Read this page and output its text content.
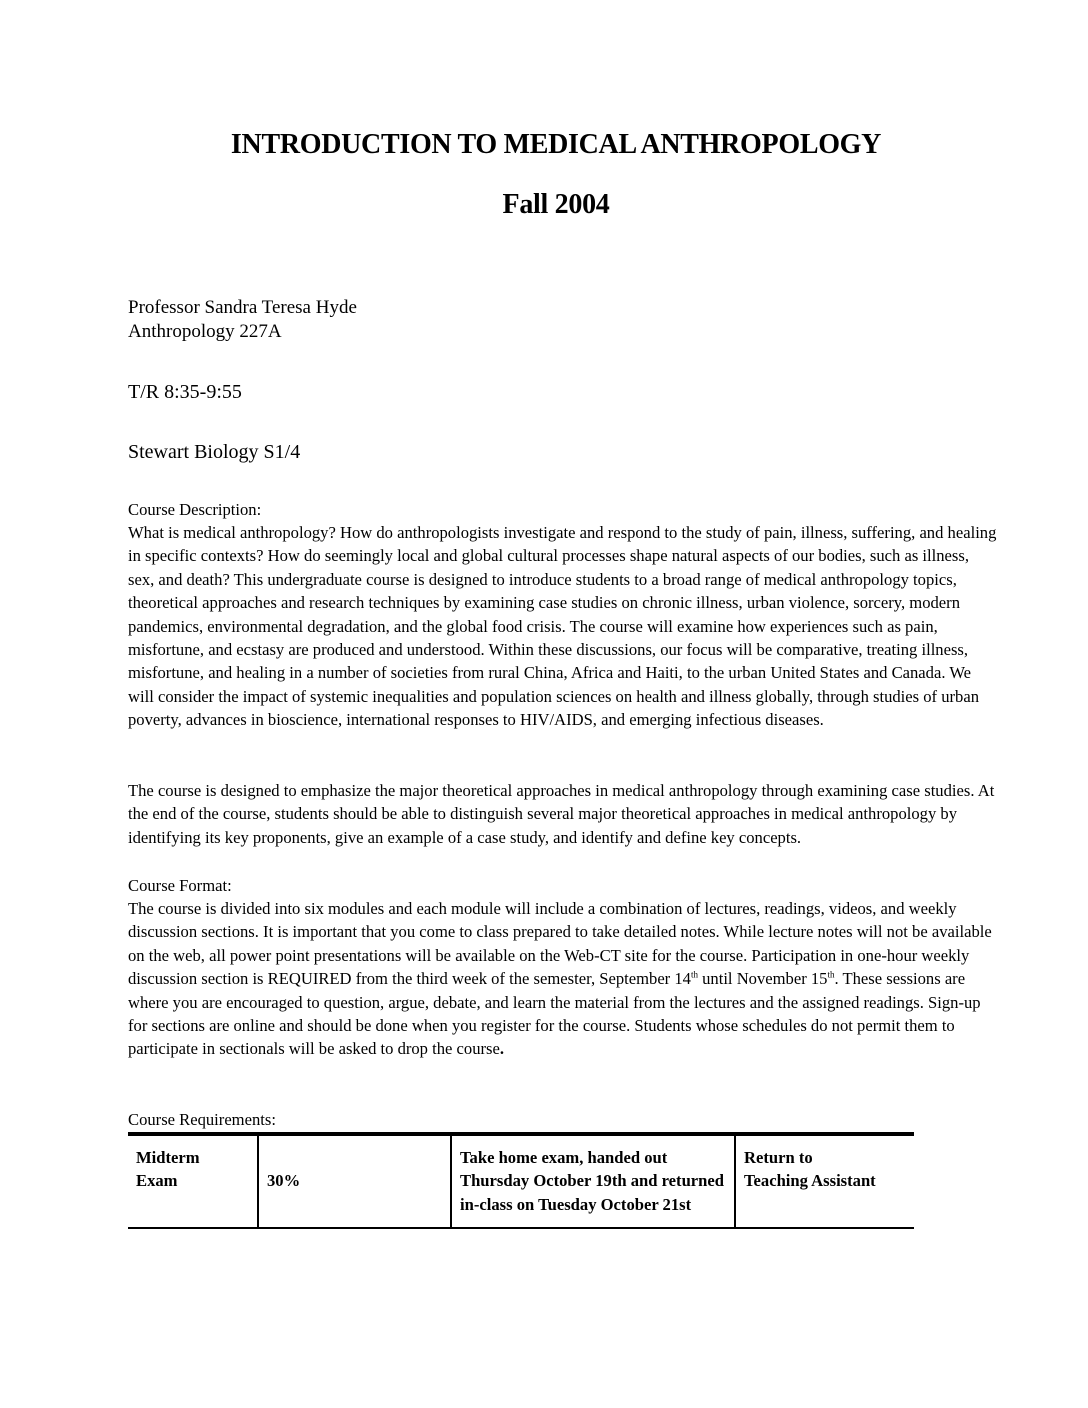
INTRODUCTION TO MEDICAL ANTHROPOLOGY
Fall 2004

Professor Sandra Teresa Hyde

Anthropology 227A

T/R 8:35-9:55

Stewart Biology S1/4

Course Description:

What is medical anthropology? How do anthropologists investigate and respond to the study of pain, illness, suffering, and healing in specific contexts? How do seemingly local and global cultural processes shape natural aspects of our bodies, such as illness, sex, and death? This undergraduate course is designed to introduce students to a broad range of medical anthropology topics, theoretical approaches and research techniques by examining case studies on chronic illness, urban violence, sorcery, modern pandemics, environmental degradation, and the global food crisis. The course will examine how experiences such as pain, misfortune, and ecstasy are produced and understood. Within these discussions, our focus will be comparative, treating illness, misfortune, and healing in a number of societies from rural China, Africa and Haiti, to the urban United States and Canada. We will consider the impact of systemic inequalities and population sciences on health and illness globally, through studies of urban poverty, advances in bioscience, international responses to HIV/AIDS, and emerging infectious diseases.

The course is designed to emphasize the major theoretical approaches in medical anthropology through examining case studies. At the end of the course, students should be able to distinguish several major theoretical approaches in medical anthropology by identifying its key proponents, give an example of a case study, and identify and define key concepts.

Course Format:

The course is divided into six modules and each module will include a combination of lectures, readings, videos, and weekly discussion sections. It is important that you come to class prepared to take detailed notes. While lecture notes will not be available on the web, all power point presentations will be available on the Web-CT site for the course. Participation in one-hour weekly discussion section is REQUIRED from the third week of the semester, September 14th until November 15th. These sessions are where you are encouraged to question, argue, debate, and learn the material from the lectures and the assigned readings. Sign-up for sections are online and should be done when you register for the course. Students whose schedules do not permit them to participate in sectionals will be asked to drop the course.

Course Requirements:

Midterm
Exam	30%	Take home exam, handed out
Thursday October 19th and returned
in-class on Tuesday October 21st	Return to
Teaching Assistant
